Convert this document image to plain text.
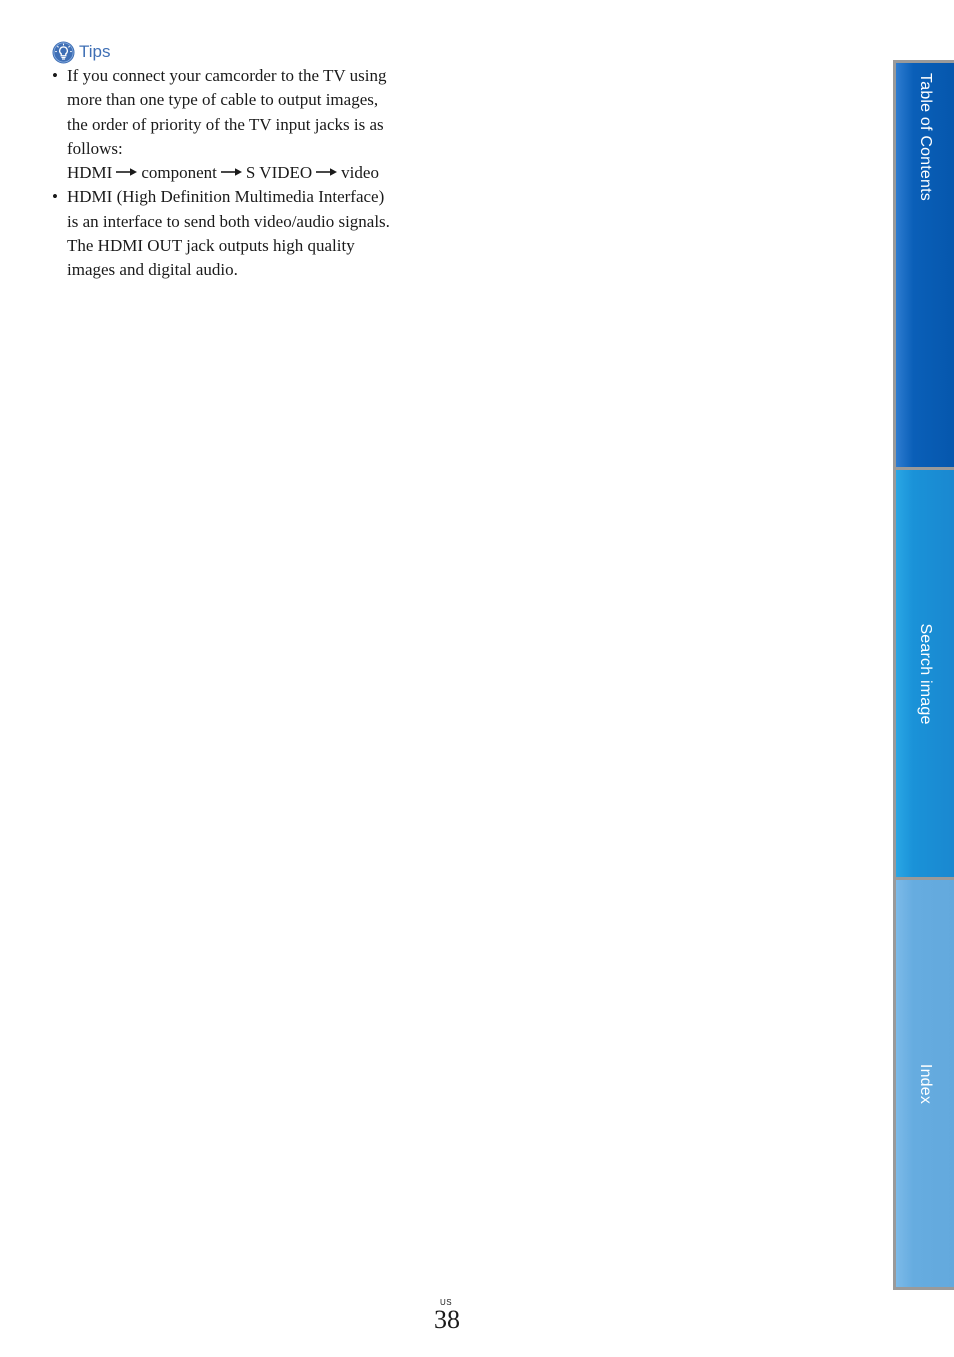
Tips
• If you connect your camcorder to the TV using
more than one type of cable to output images,
the order of priority of the TV input jacks is as
follows:
HDMI component S VIDEO video
• HDMI (High Definition Multimedia Interface)
is an interface to send both video/audio signals.
The HDMI OUT jack outputs high quality
images and digital audio.
Table of Contents
Search image
Index
US
38
